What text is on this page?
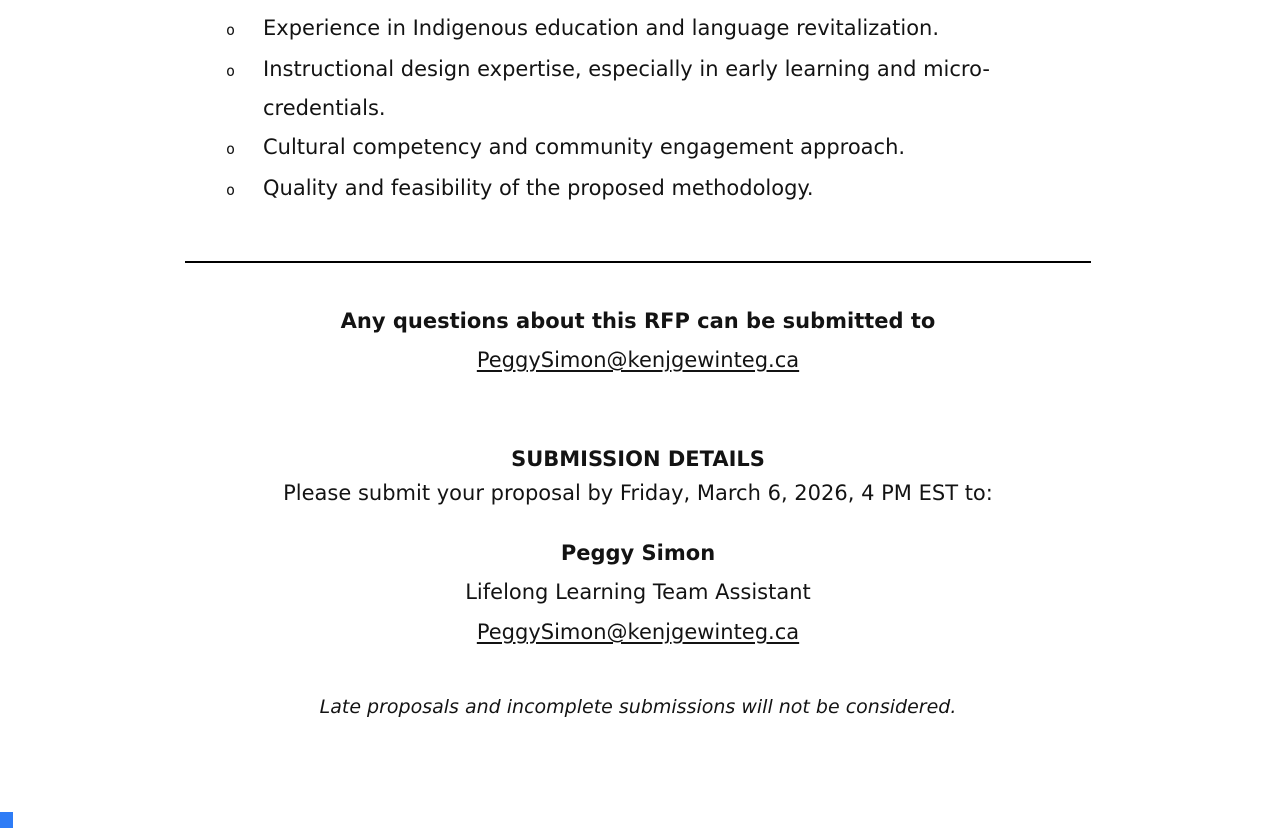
o	Experience in Indigenous education and language revitalization.
o	Instructional design expertise, especially in early learning and micro-credentials.
o	Cultural competency and community engagement approach.
o	Quality and feasibility of the proposed methodology.
Any questions about this RFP can be submitted to
PeggySimon@kenjgewinteg.ca
SUBMISSION DETAILS
Please submit your proposal by Friday, March 6, 2026, 4 PM EST to:
Peggy Simon
Lifelong Learning Team Assistant
PeggySimon@kenjgewinteg.ca
Late proposals and incomplete submissions will not be considered.
